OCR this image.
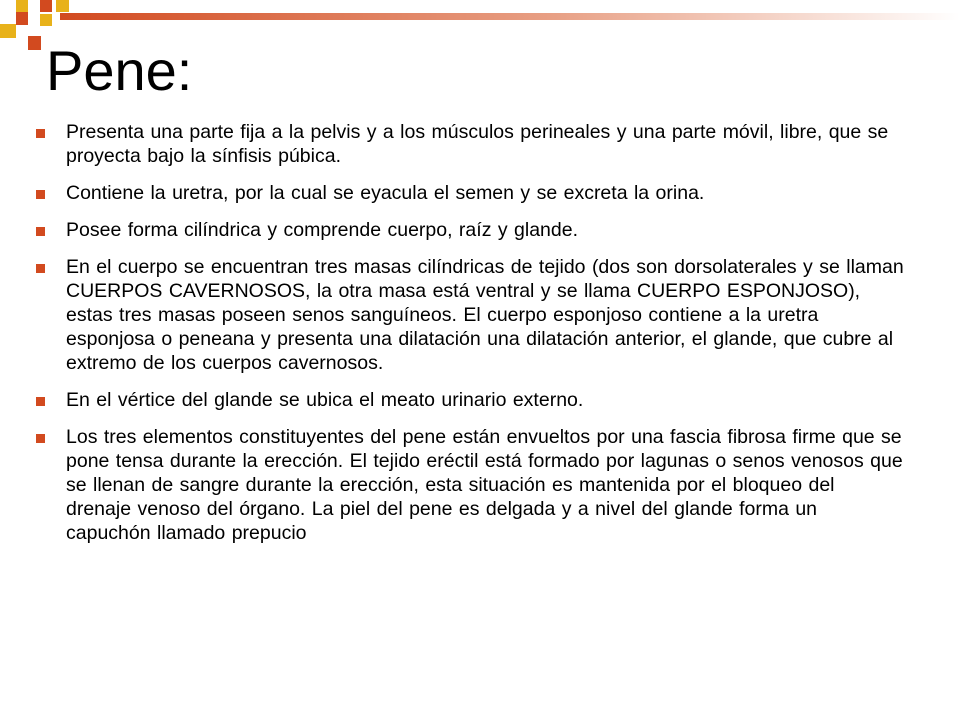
Pene:
Presenta una parte fija a la pelvis y a los músculos perineales y una parte móvil, libre, que se proyecta bajo la sínfisis púbica.
Contiene la uretra, por la cual se eyacula el semen y se excreta la orina.
Posee forma cilíndrica y comprende cuerpo, raíz y glande.
En el cuerpo se encuentran tres masas cilíndricas de tejido (dos son dorsolaterales y se llaman CUERPOS CAVERNOSOS, la otra masa está ventral y se llama CUERPO ESPONJOSO), estas tres masas poseen senos sanguíneos. El cuerpo esponjoso contiene a la uretra esponjosa o peneana y presenta una dilatación una dilatación anterior, el glande, que cubre al extremo de los cuerpos cavernosos.
En el vértice del glande se ubica el meato urinario externo.
Los tres elementos constituyentes del pene están envueltos por una fascia fibrosa firme que se pone tensa durante la erección. El tejido eréctil está formado por lagunas o senos venosos que se llenan de sangre durante la erección, esta situación es mantenida por el bloqueo del drenaje venoso del órgano. La piel del pene es delgada y a nivel del glande forma un capuchón llamado prepucio
